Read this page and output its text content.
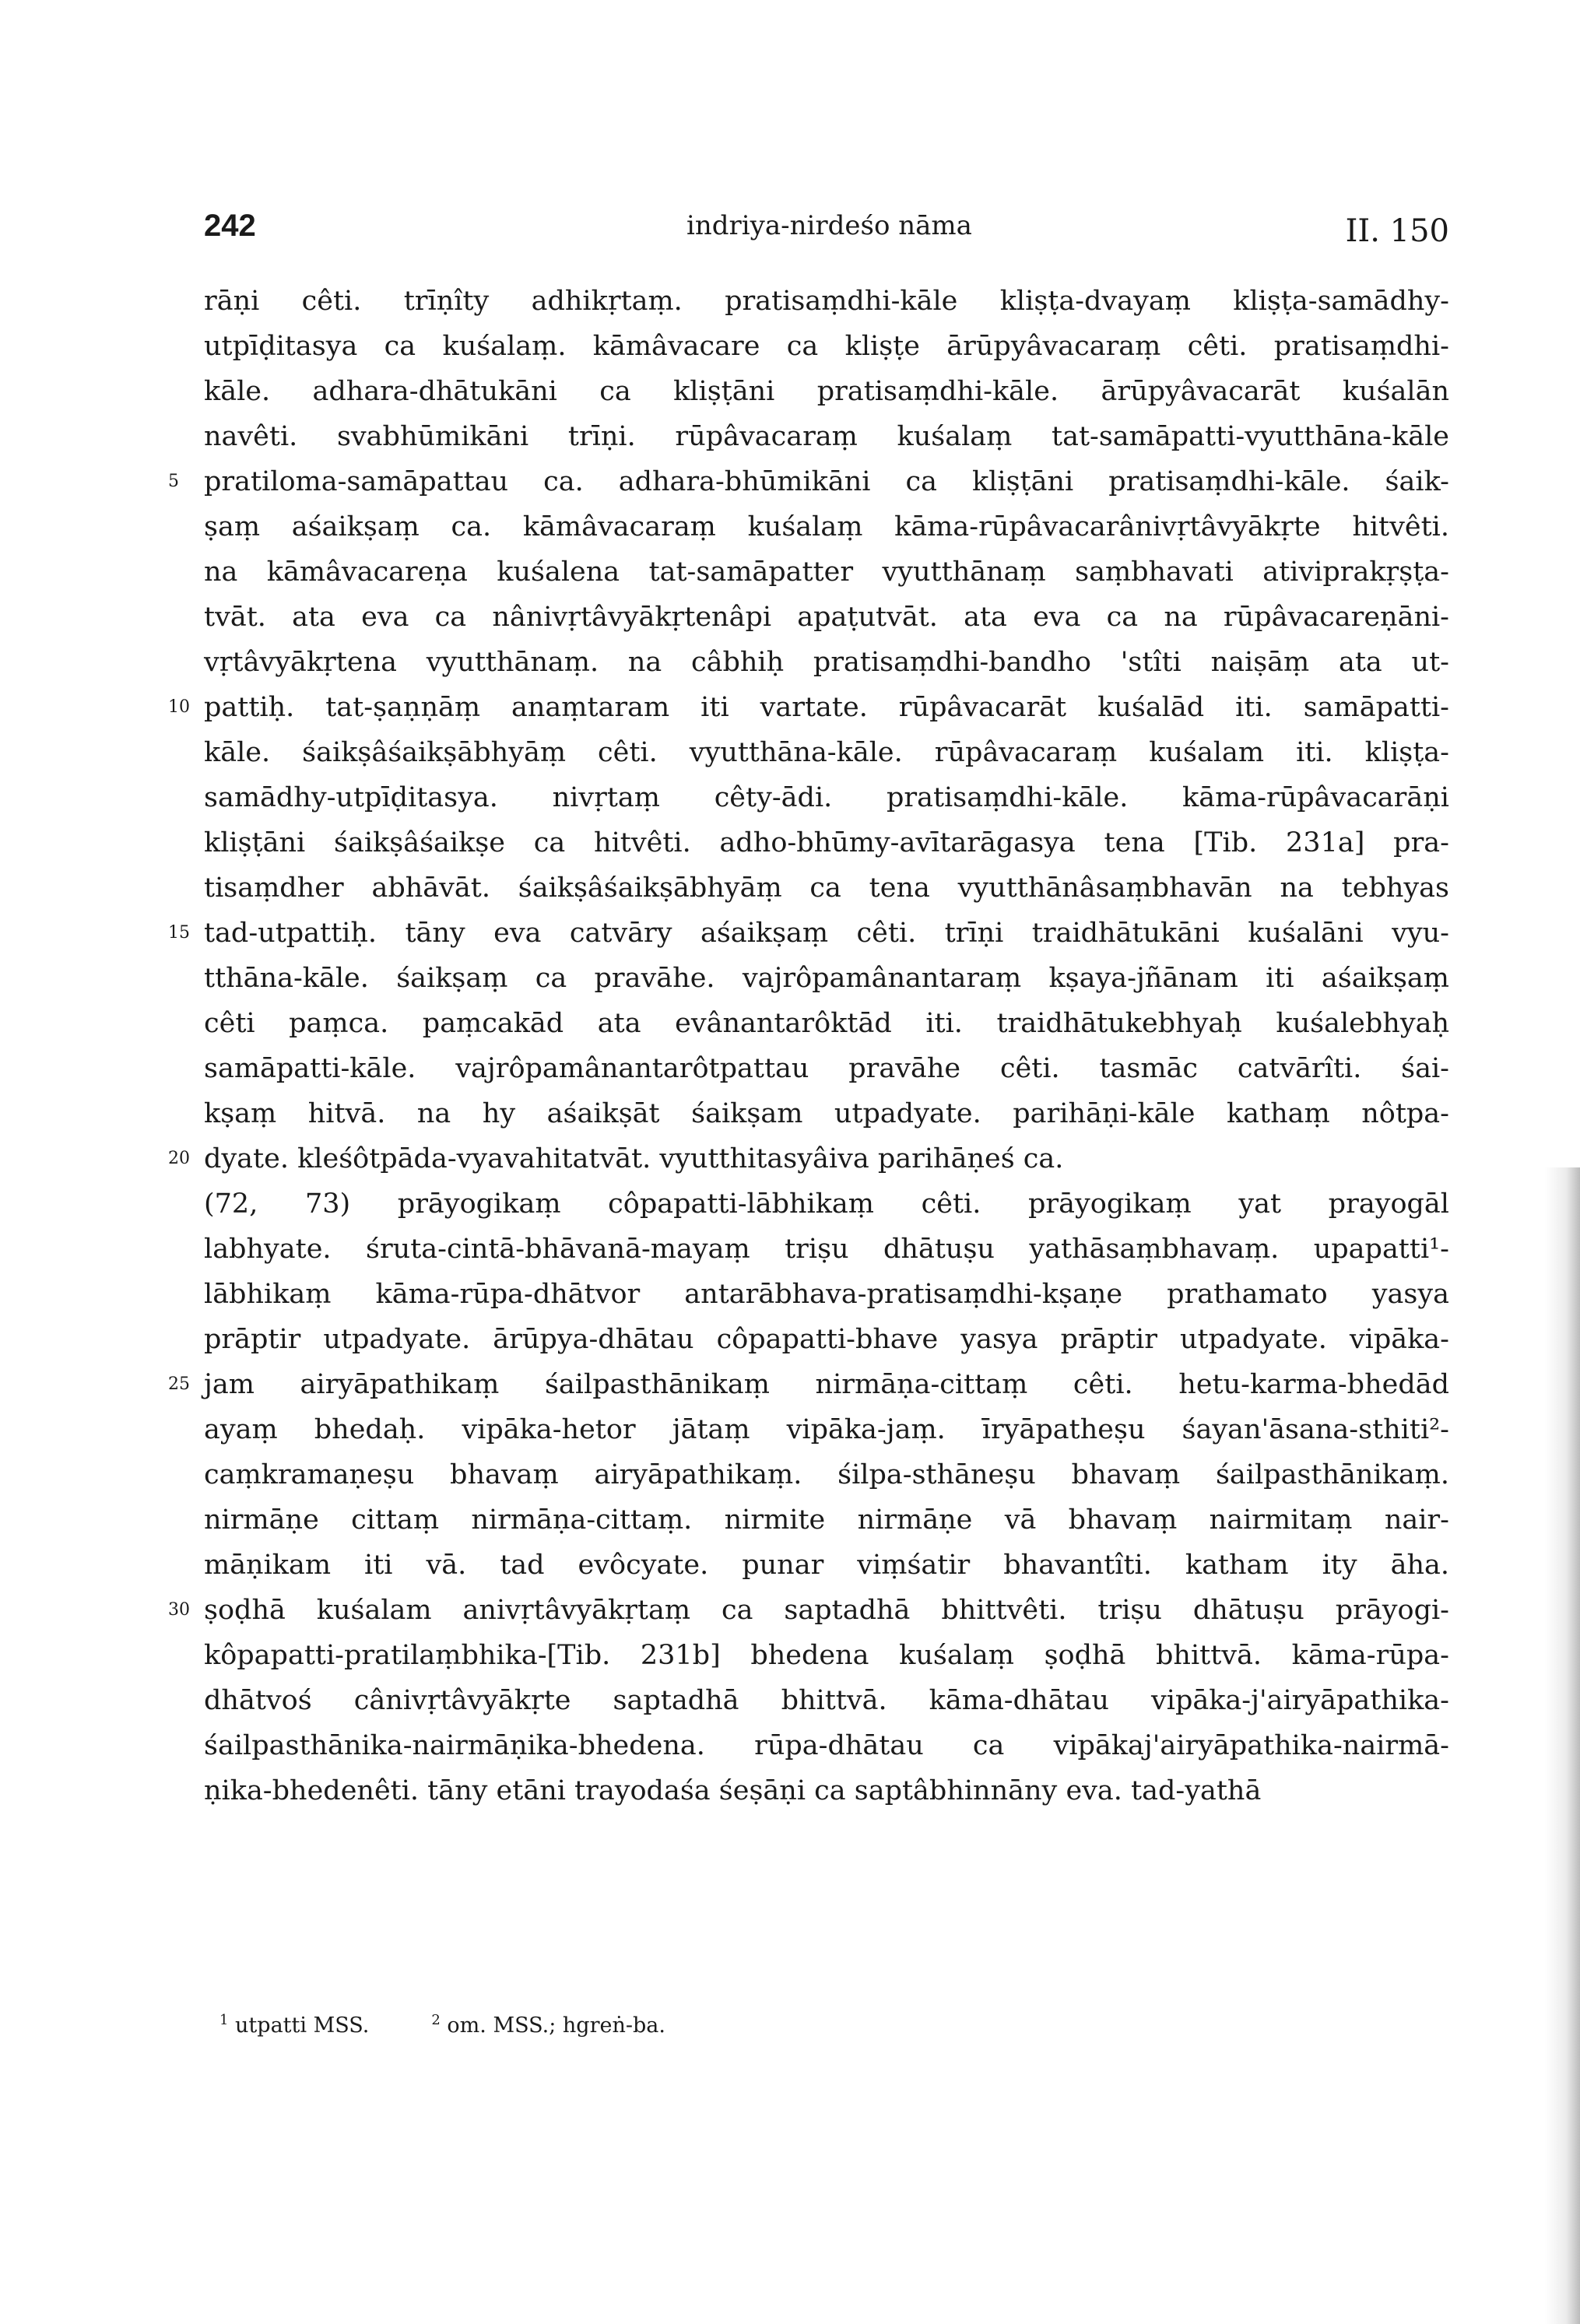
242	indriya-nirdeśo nāma	II. 150
rāṇi cêti. trīṇîty adhikṛtaṃ. pratisaṃdhi-kāle kliṣṭa-dvayaṃ kliṣṭa-samādhy-
utpīḍitasya ca kuśalaṃ. kāmâvacare ca kliṣṭe ārūpyâvacaraṃ cêti. pratisaṃdhi-
kāle. adhara-dhātukāni ca kliṣṭāni pratisaṃdhi-kāle. ārūpyâvacarāt kuśalān
navêti. svabhūmikāni trīṇi. rūpâvacaraṃ kuśalaṃ tat-samāpatti-vyutthāna-kāle
5 pratiloma-samāpattau ca. adhara-bhūmikāni ca kliṣṭāni pratisaṃdhi-kāle. śaik-
ṣaṃ aśaikṣaṃ ca. kāmâvacaraṃ kuśalaṃ kāma-rūpâvacarânivṛtâvyākṛte hitvêti.
na kāmâvacareṇa kuśalena tat-samāpatter vyutthānaṃ saṃbhavati ativiprakṛṣṭa-
tvāt. ata eva ca nânivṛtâvyākṛtenâpi apaṭutvāt. ata eva ca na rūpâvacareṇāni-
vṛtâvyākṛtena vyutthānaṃ. na câbhiḥ pratisaṃdhi-bandho 'stîti naiṣāṃ ata ut-
10 pattiḥ. tat-ṣaṇṇāṃ anaṃtaram iti vartate. rūpâvacarāt kuśalād iti. samāpatti-
kāle. śaikṣâśaikṣābhyāṃ cêti. vyutthāna-kāle. rūpâvacaraṃ kuśalam iti. kliṣṭa-
samādhy-utpīḍitasya. nivṛtaṃ cêty-ādi. pratisaṃdhi-kāle. kāma-rūpâvacarāṇi
kliṣṭāni śaikṣâśaikṣe ca hitvêti. adho-bhūmy-avītarāgasya tena [Tib. 231a] pra-
tisaṃdher abhāvāt. śaikṣâśaikṣābhyāṃ ca tena vyutthānâsaṃbhavān na tebhyas
15 tad-utpattiḥ. tāny eva catvāry aśaikṣaṃ cêti. trīṇi traidhātukāni kuśalāni vyu-
tthāna-kāle. śaikṣaṃ ca pravāhe. vajrôpamânantaraṃ kṣaya-jñānam iti aśaikṣaṃ
cêti paṃca. paṃcakād ata evânantarôktād iti. traidhātukebhyaḥ kuśalebhyaḥ
samāpatti-kāle. vajrôpamânantarôtpattau pravāhe cêti. tasmāc catvārîti. śai-
kṣaṃ hitvā. na hy aśaikṣāt śaikṣam utpadyate. parihāṇi-kāle kathaṃ nôtpa-
20 dyate. kleśôtpāda-vyavahitatvāt. vyutthitasyâiva parihāṇeś ca.
(72, 73) prāyogikaṃ côpapatti-lābhikaṃ cêti. prāyogikaṃ yat prayogāl
labhyate. śruta-cintā-bhāvanā-mayaṃ triṣu dhātuṣu yathāsaṃbhavaṃ. upapatti¹-
lābhikaṃ kāma-rūpa-dhātvor antarābhava-pratisaṃdhi-kṣaṇe prathamato yasya
prāptir utpadyate. ārūpya-dhātau côpapatti-bhave yasya prāptir utpadyate. vipāka-
25 jam airyāpathikaṃ śailpasthānikaṃ nirmāṇa-cittaṃ cêti. hetu-karma-bhedād
ayaṃ bhedaḥ. vipāka-hetor jātaṃ vipāka-jaṃ. īryāpatheṣu śayan'āsana-sthiti²-
caṃkramaṇeṣu bhavaṃ airyāpathikaṃ. śilpa-sthāneṣu bhavaṃ śailpasthānikaṃ.
nirmāṇe cittaṃ nirmāṇa-cittaṃ. nirmite nirmāṇe vā bhavaṃ nairmitaṃ nair-
māṇikam iti vā. tad evôcyate. punar viṃśatir bhavantîti. katham ity āha.
30 ṣoḍhā kuśalam anivṛtâvyākṛtaṃ ca saptadhā bhittvêti. triṣu dhātuṣu prāyogi-
kôpapatti-pratilaṃbhika-[Tib. 231b] bhedena kuśalaṃ ṣoḍhā bhittvā. kāma-rūpa-
dhātvoś cânivṛtâvyākṛte saptadhā bhittvā. kāma-dhātau vipāka-j'airyāpathika-
śailpasthānika-nairmāṇika-bhedena. rūpa-dhātau ca vipākaj'airyāpathika-nairmā-
ṇika-bhedenêti. tāny etāni trayodaśa śeṣāṇi ca saptâbhinnāny eva. tad-yathā
$^1$ utpatti MSS.	$^2$ om. MSS.; hgreṅ-ba.
